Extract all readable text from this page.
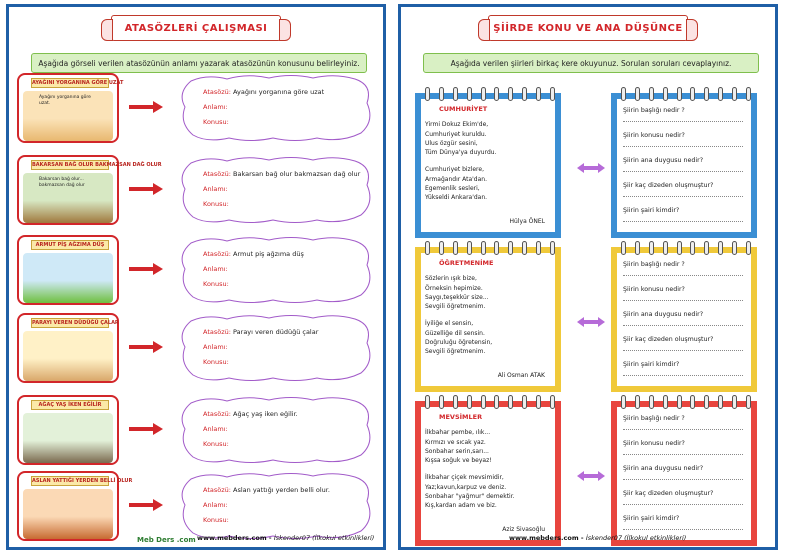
ATASÖZLERİ ÇALIŞMASI
Aşağıda görseli verilen atasözünün anlamı yazarak atasözünün konusunu belirleyiniz.
AYAĞINI YORGANINA GÖRE UZAT
Ayağını yorganına göre uzat.
Atasözü: Ayağını yorganına göre uzat
Anlamı:
Konusu:
BAKARSAN BAĞ OLUR BAKMAZSAN DAĞ OLUR
Bakarsan bağ olur... bakmazsan dağ olur
Atasözü: Bakarsan bağ olur bakmazsan dağ olur
Anlamı:
Konusu:
ARMUT PİŞ AĞZIMA DÜŞ
Atasözü: Armut piş ağzıma düş
Anlamı:
Konusu:
PARAYI VEREN DÜDÜĞÜ ÇALAR
Atasözü: Parayı veren düdüğü çalar
Anlamı:
Konusu:
AĞAÇ YAŞ İKEN EĞİLİR
Atasözü: Ağaç yaş iken eğilir.
Anlamı:
Konusu:
ASLAN YATTIĞI YERDEN BELLİ OLUR
Atasözü: Aslan yattığı yerden belli olur.
Anlamı:
Konusu:
www.mebders.com - İskender07 (İlkokul etkinlikleri)
Meb Ders .com
ŞİİRDE KONU VE ANA DÜŞÜNCE
Aşağıda verilen şiirleri birkaç kere okuyunuz. Sorulan soruları cevaplayınız.
CUMHURİYET
Yirmi Dokuz Ekim'de,
Cumhuriyet kuruldu.
Ulus özgür sesini,
Tüm Dünya'ya duyurdu.
Cumhuriyet bizlere,
Armağandır Ata'dan.
Egemenlik sesleri,
Yükseldi Ankara'dan.
Hülya ÖNEL
Şiirin başlığı nedir ?
Şiirin konusu nedir?
Şiirin ana duygusu nedir?
Şiir kaç dizeden oluşmuştur?
Şiirin şairi kimdir?
ÖĞRETMENİME
Sözlerin ışık bize,
Örneksin hepimize.
Saygı,teşekkür size...
Sevgili öğretmenim.
İyiliğe el sensin,
Güzelliğe dil sensin.
Doğruluğu öğretensin,
Sevgili öğretmenim.
Ali Osman ATAK
Şiirin başlığı nedir ?
Şiirin konusu nedir?
Şiirin ana duygusu nedir?
Şiir kaç dizeden oluşmuştur?
Şiirin şairi kimdir?
MEVSİMLER
İlkbahar pembe, ılık...
Kırmızı ve sıcak yaz.
Sonbahar serin,sarı...
Kışsa soğuk ve beyaz!
İlkbahar çiçek mevsimidir,
Yaz;kavun,karpuz ve deniz.
Sonbahar "yağmur" demektir.
Kış,kardan adam ve biz.
Aziz Sivasoğlu
Şiirin başlığı nedir ?
Şiirin konusu nedir?
Şiirin ana duygusu nedir?
Şiir kaç dizeden oluşmuştur?
Şiirin şairi kimdir?
www.mebders.com - İskender07 (İlkokul etkinlikleri)
